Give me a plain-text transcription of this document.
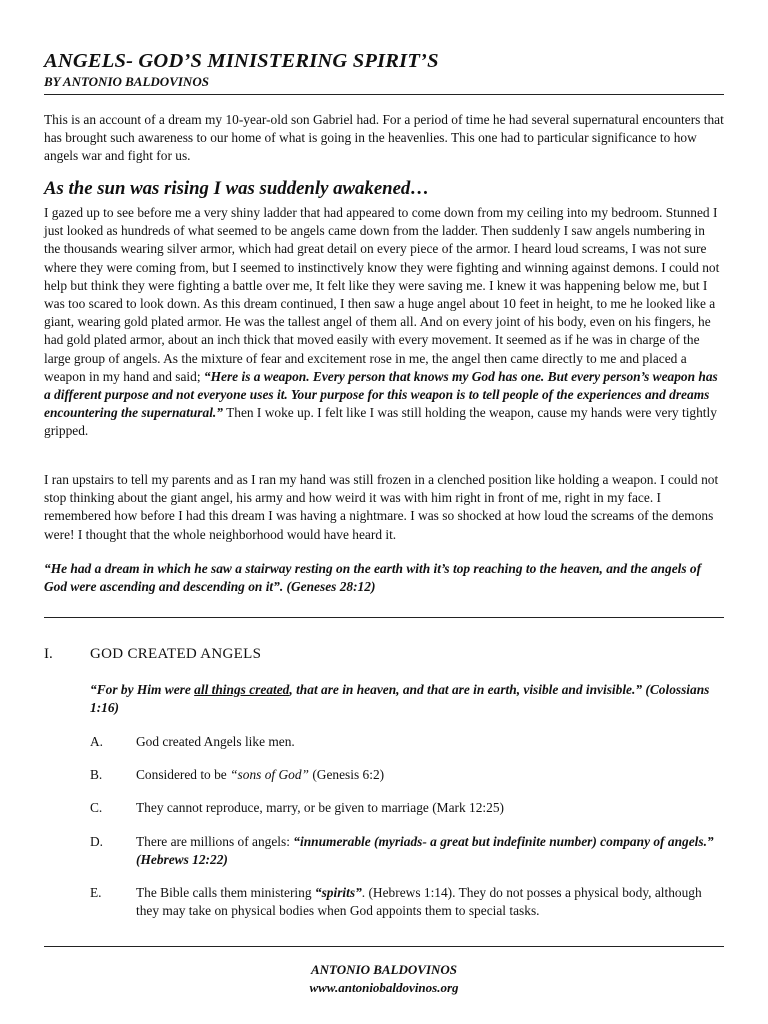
ANGELS- GOD’S MINISTERING SPIRIT’S
BY ANTONIO BALDOVINOS
This is an account of a dream my 10-year-old son Gabriel had. For a period of time he had several supernatural encounters that has brought such awareness to our home of what is going in the heavenlies. This one had to particular significance to how angels war and fight for us.
As the sun was rising I was suddenly awakened…
I gazed up to see before me a very shiny ladder that had appeared to come down from my ceiling into my bedroom. Stunned I just looked as hundreds of what seemed to be angels came down from the ladder. Then suddenly I saw angels numbering in the thousands wearing silver armor, which had great detail on every piece of the armor. I heard loud screams, I was not sure where they were coming from, but I seemed to instinctively know they were fighting and winning against demons. I could not help but think they were fighting a battle over me, It felt like they were saving me. I knew it was happening below me, but I was too scared to look down. As this dream continued, I then saw a huge angel about 10 feet in height, to me he looked like a giant, wearing gold plated armor. He was the tallest angel of them all. And on every joint of his body, even on his fingers, he had gold plated armor, about an inch thick that moved easily with every movement. It seemed as if he was in charge of the large group of angels. As the mixture of fear and excitement rose in me, the angel then came directly to me and placed a weapon in my hand and said; “Here is a weapon. Every person that knows my God has one. But every person’s weapon has a different purpose and not everyone uses it. Your purpose for this weapon is to tell people of the experiences and dreams encountering the supernatural.” Then I woke up. I felt like I was still holding the weapon, cause my hands were very tightly gripped.
I ran upstairs to tell my parents and as I ran my hand was still frozen in a clenched position like holding a weapon. I could not stop thinking about the giant angel, his army and how weird it was with him right in front of me, right in my face. I remembered how before I had this dream I was having a nightmare. I was so shocked at how loud the screams of the demons were! I thought that the whole neighborhood would have heard it.
“He had a dream in which he saw a stairway resting on the earth with it’s top reaching to the heaven, and the angels of God were ascending and descending on it”. (Geneses 28:12)
I. GOD CREATED ANGELS
“For by Him were all things created, that are in heaven, and that are in earth, visible and invisible.” (Colossians 1:16)
A. God created Angels like men.
B.	Considered to be “sons of God” (Genesis 6:2)
C.	They cannot reproduce, marry, or be given to marriage (Mark 12:25)
D. There are millions of angels: “innumerable (myriads- a great but indefinite number) company of angels.” (Hebrews 12:22)
E.	The Bible calls them ministering “spirits”. (Hebrews 1:14). They do not posses a physical body, although they may take on physical bodies when God appoints them to special tasks.
ANTONIO BALDOVINOS
www.antoniobaldovinos.org
